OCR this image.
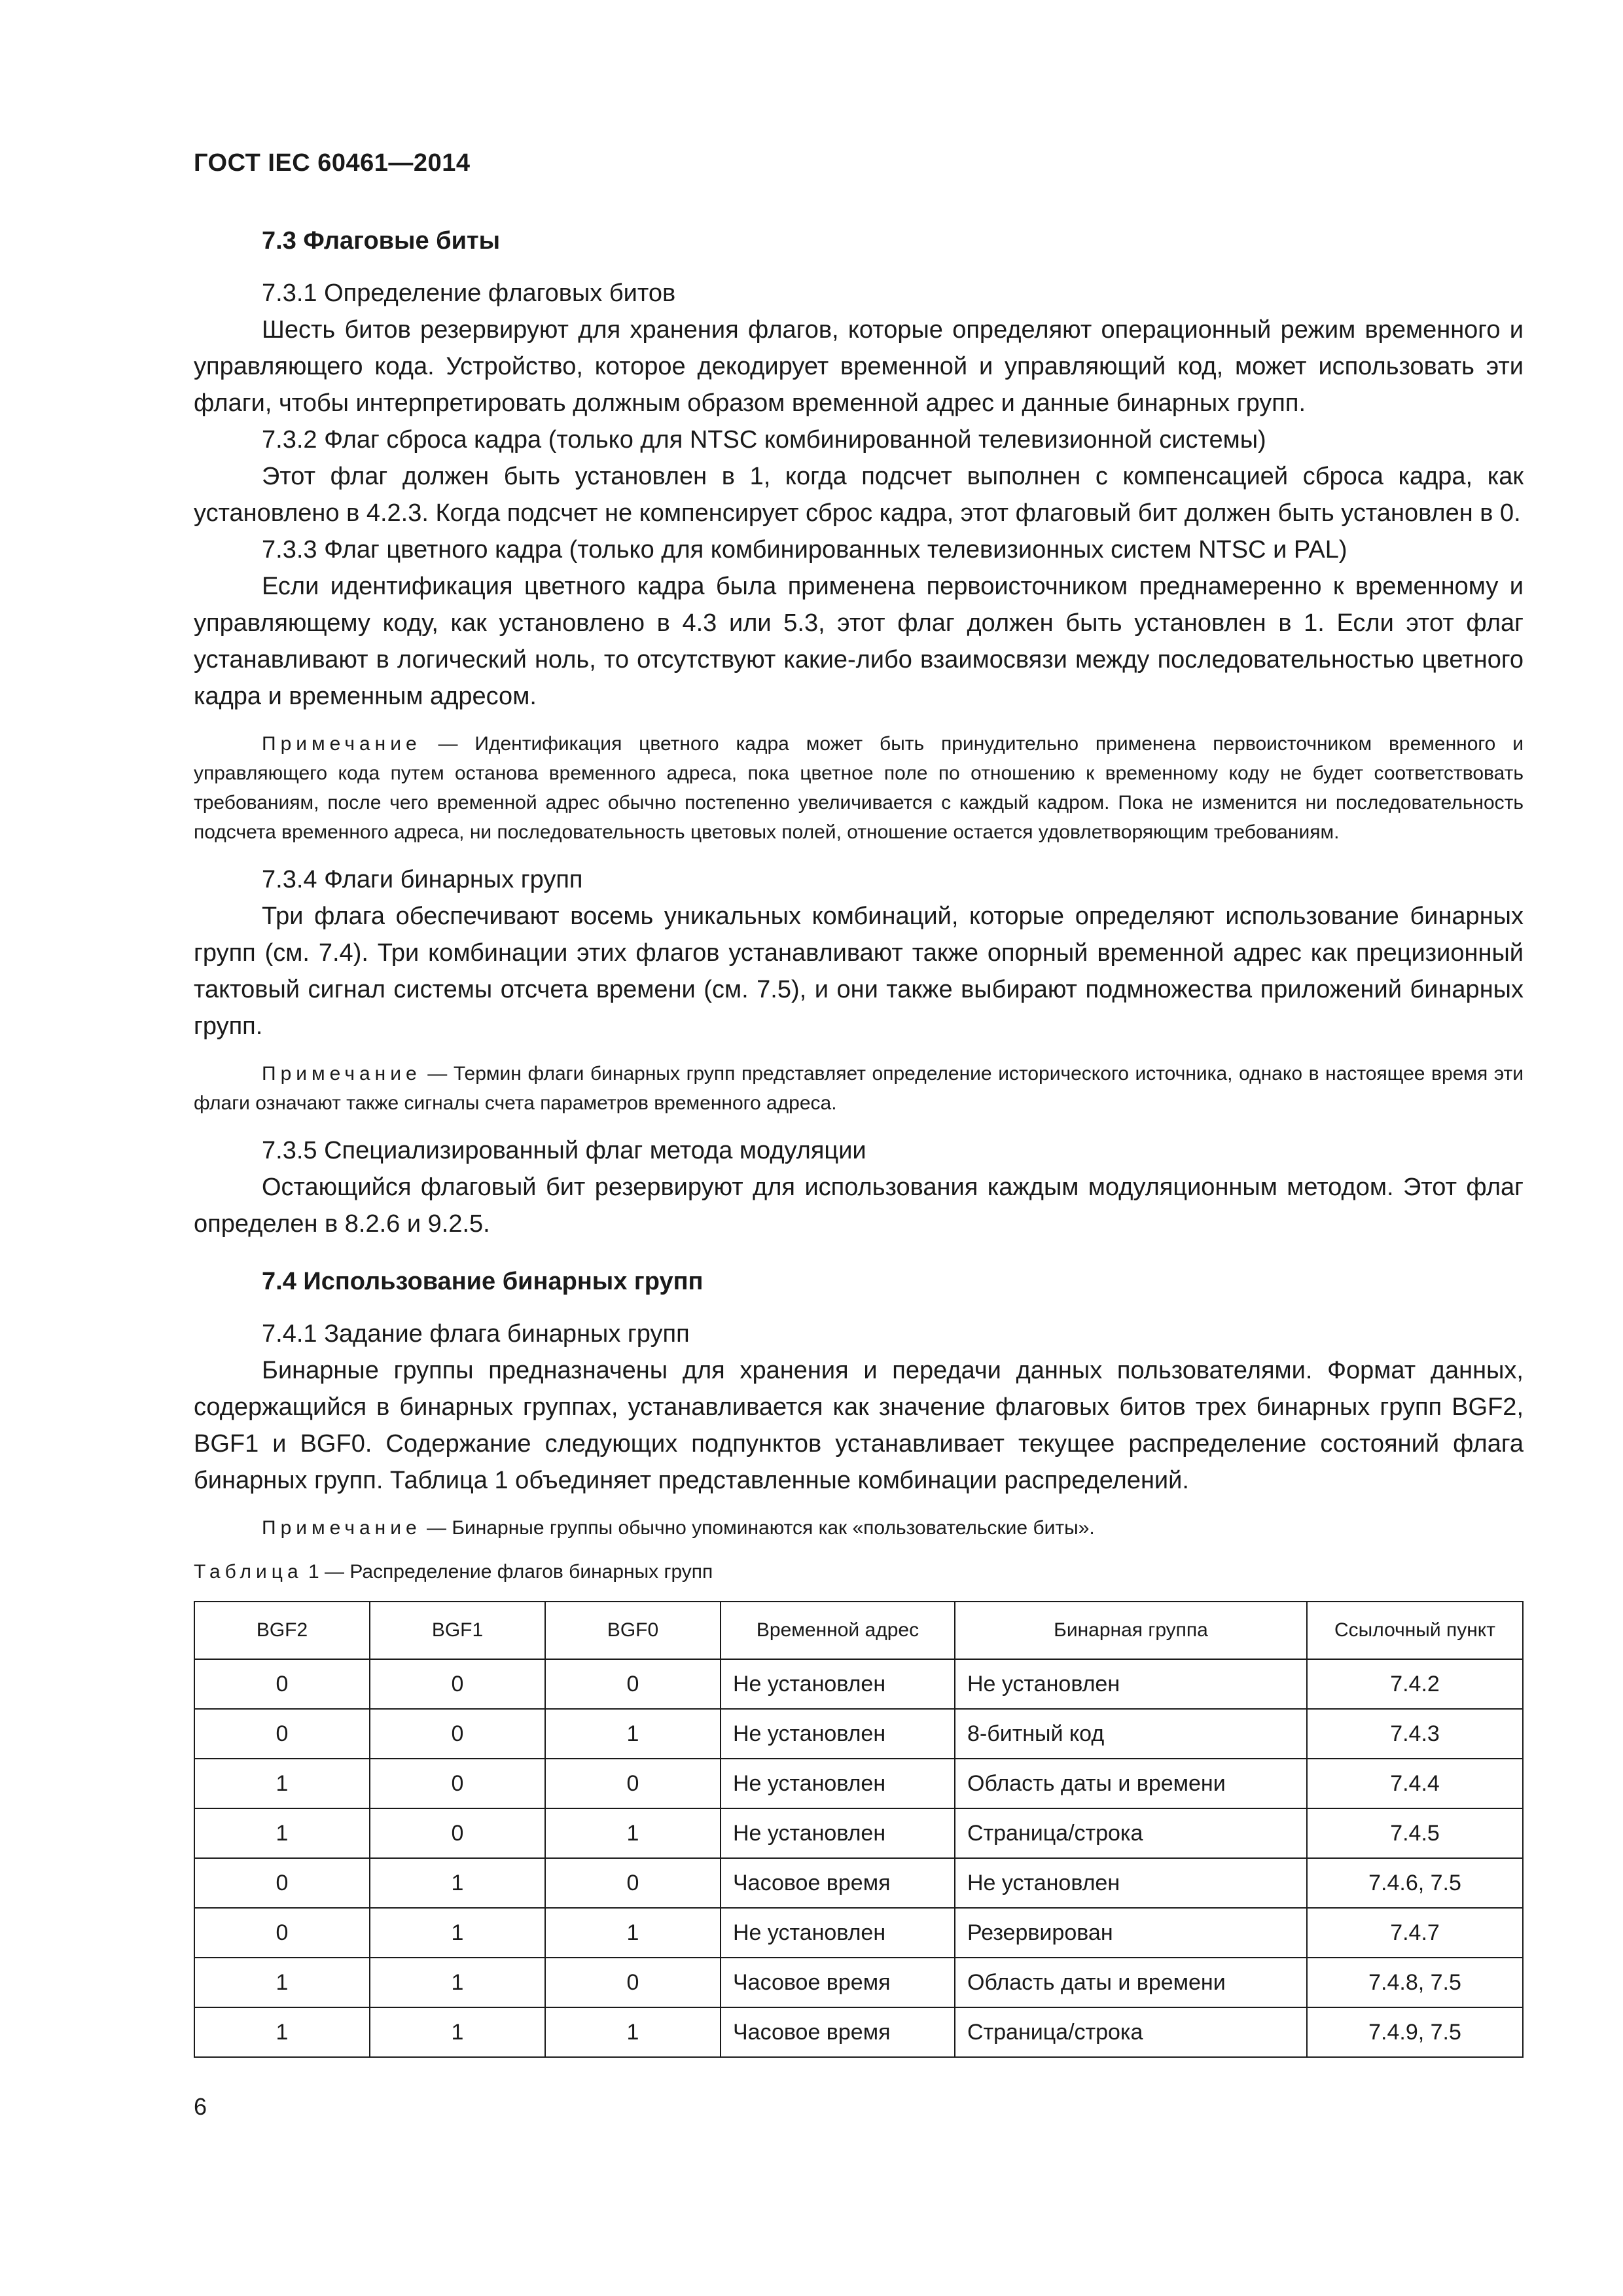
ГОСТ IEC 60461—2014
7.3 Флаговые биты
7.3.1 Определение флаговых битов

Шесть битов резервируют для хранения флагов, которые определяют операционный режим временного и управляющего кода. Устройство, которое декодирует временной и управляющий код, может использовать эти флаги, чтобы интерпретировать должным образом временной адрес и данные бинарных групп.

7.3.2 Флаг сброса кадра (только для NTSC комбинированной телевизионной системы)

Этот флаг должен быть установлен в 1, когда подсчет выполнен с компенсацией сброса кадра, как установлено в 4.2.3. Когда подсчет не компенсирует сброс кадра, этот флаговый бит должен быть установлен в 0.

7.3.3 Флаг цветного кадра (только для комбинированных телевизионных систем NTSC и PAL)

Если идентификация цветного кадра была применена первоисточником преднамеренно к временному и управляющему коду, как установлено в 4.3 или 5.3, этот флаг должен быть установлен в 1. Если этот флаг устанавливают в логический ноль, то отсутствуют какие-либо взаимосвязи между последовательностью цветного кадра и временным адресом.

Примечание — Идентификация цветного кадра может быть принудительно применена первоисточником временного и управляющего кода путем останова временного адреса, пока цветное поле по отношению к временному коду не будет соответствовать требованиям, после чего временной адрес обычно постепенно увеличивается с каждый кадром. Пока не изменится ни последовательность подсчета временного адреса, ни последовательность цветовых полей, отношение остается удовлетворяющим требованиям.

7.3.4 Флаги бинарных групп

Три флага обеспечивают восемь уникальных комбинаций, которые определяют использование бинарных групп (см. 7.4). Три комбинации этих флагов устанавливают также опорный временной адрес как прецизионный тактовый сигнал системы отсчета времени (см. 7.5), и они также выбирают подмножества приложений бинарных групп.

Примечание — Термин флаги бинарных групп представляет определение исторического источника, однако в настоящее время эти флаги означают также сигналы счета параметров временного адреса.

7.3.5 Специализированный флаг метода модуляции

Остающийся флаговый бит резервируют для использования каждым модуляционным методом. Этот флаг определен в 8.2.6 и 9.2.5.

7.4 Использование бинарных групп
7.4.1 Задание флага бинарных групп

Бинарные группы предназначены для хранения и передачи данных пользователями. Формат данных, содержащийся в бинарных группах, устанавливается как значение флаговых битов трех бинарных групп BGF2, BGF1 и BGF0. Содержание следующих подпунктов устанавливает текущее распределение состояний флага бинарных групп. Таблица 1 объединяет представленные комбинации распределений.

Примечание — Бинарные группы обычно упоминаются как «пользовательские биты».

Таблица 1 — Распределение флагов бинарных групп
BGF2	BGF1	BGF0	Временной адрес	Бинарная группа	Ссылочный пункт
0	0	0	Не установлен	Не установлен	7.4.2
0	0	1	Не установлен	8-битный код	7.4.3
1	0	0	Не установлен	Область даты и времени	7.4.4
1	0	1	Не установлен	Страница/строка	7.4.5
0	1	0	Часовое время	Не установлен	7.4.6, 7.5
0	1	1	Не установлен	Резервирован	7.4.7
1	1	0	Часовое время	Область даты и времени	7.4.8, 7.5
1	1	1	Часовое время	Страница/строка	7.4.9, 7.5
6
